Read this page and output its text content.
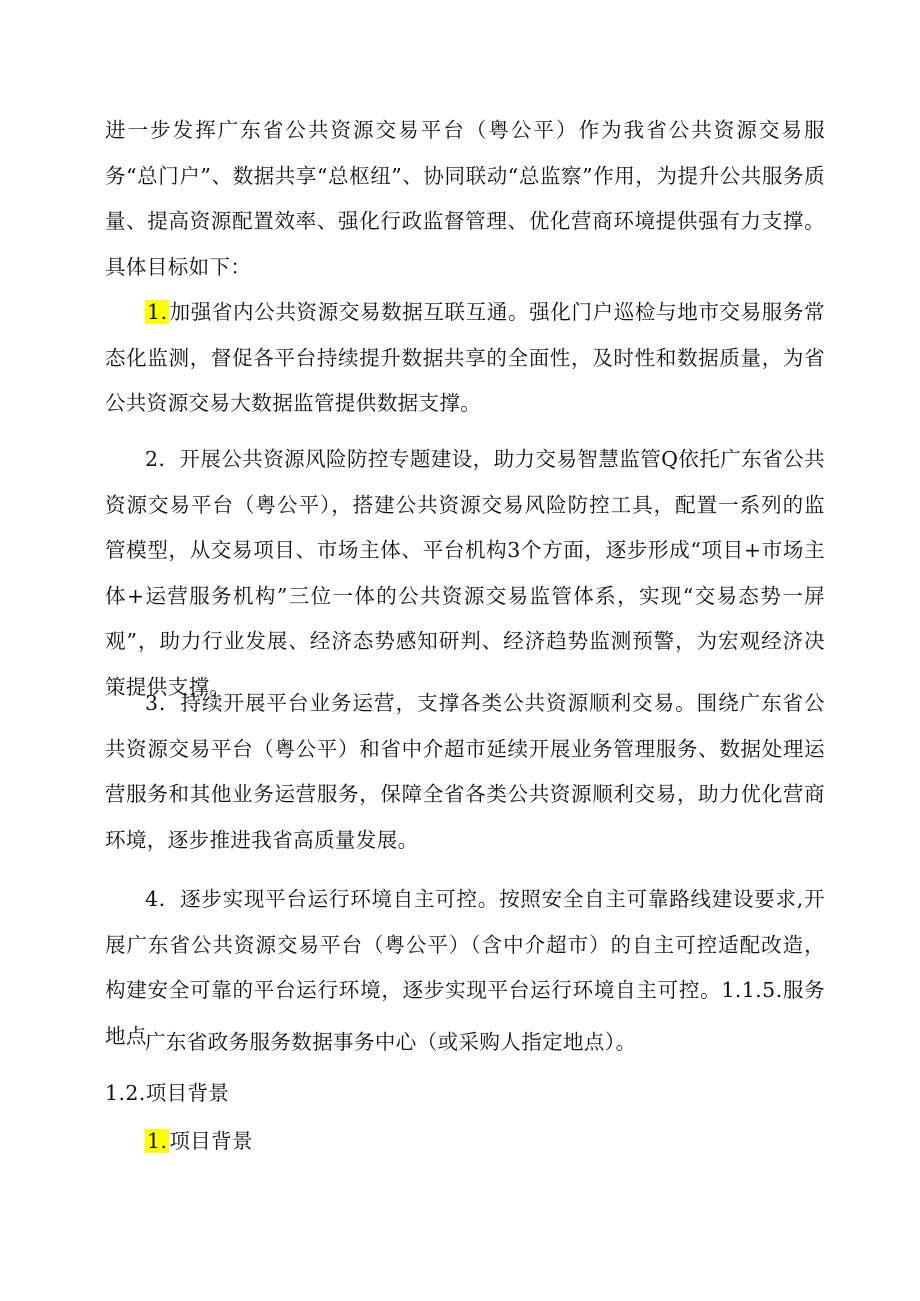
进一步发挥广东省公共资源交易平台（粤公平）作为我省公共资源交易服务“总门户”、数据共享“总枢纽”、协同联动“总监察”作用，为提升公共服务质量、提高资源配置效率、强化行政监督管理、优化营商环境提供强有力支撑。具体目标如下：

1.加强省内公共资源交易数据互联互通。强化门户巡检与地市交易服务常态化监测，督促各平台持续提升数据共享的全面性，及时性和数据质量，为省公共资源交易大数据监管提供数据支撑。

2．开展公共资源风险防控专题建设，助力交易智慧监管Q依托广东省公共资源交易平台（粤公平），搭建公共资源交易风险防控工具，配置一系列的监管模型，从交易项目、市场主体、平台机构3个方面，逐步形成“项目+市场主体+运营服务机构”三位一体的公共资源交易监管体系，实现“交易态势一屏观”，助力行业发展、经济态势感知研判、经济趋势监测预警，为宏观经济决策提供支撑。

3．持续开展平台业务运营，支撑各类公共资源顺利交易。围绕广东省公共资源交易平台（粤公平）和省中介超市延续开展业务管理服务、数据处理运营服务和其他业务运营服务，保障全省各类公共资源顺利交易，助力优化营商环境，逐步推进我省高质量发展。

4．逐步实现平台运行环境自主可控。按照安全自主可靠路线建设要求,开展广东省公共资源交易平台（粤公平）（含中介超市）的自主可控适配改造，构建安全可靠的平台运行环境，逐步实现平台运行环境自主可控。1.1.5.服务地点

广东省政务服务数据事务中心（或采购人指定地点）。

1.2.项目背景

1.项目背景
